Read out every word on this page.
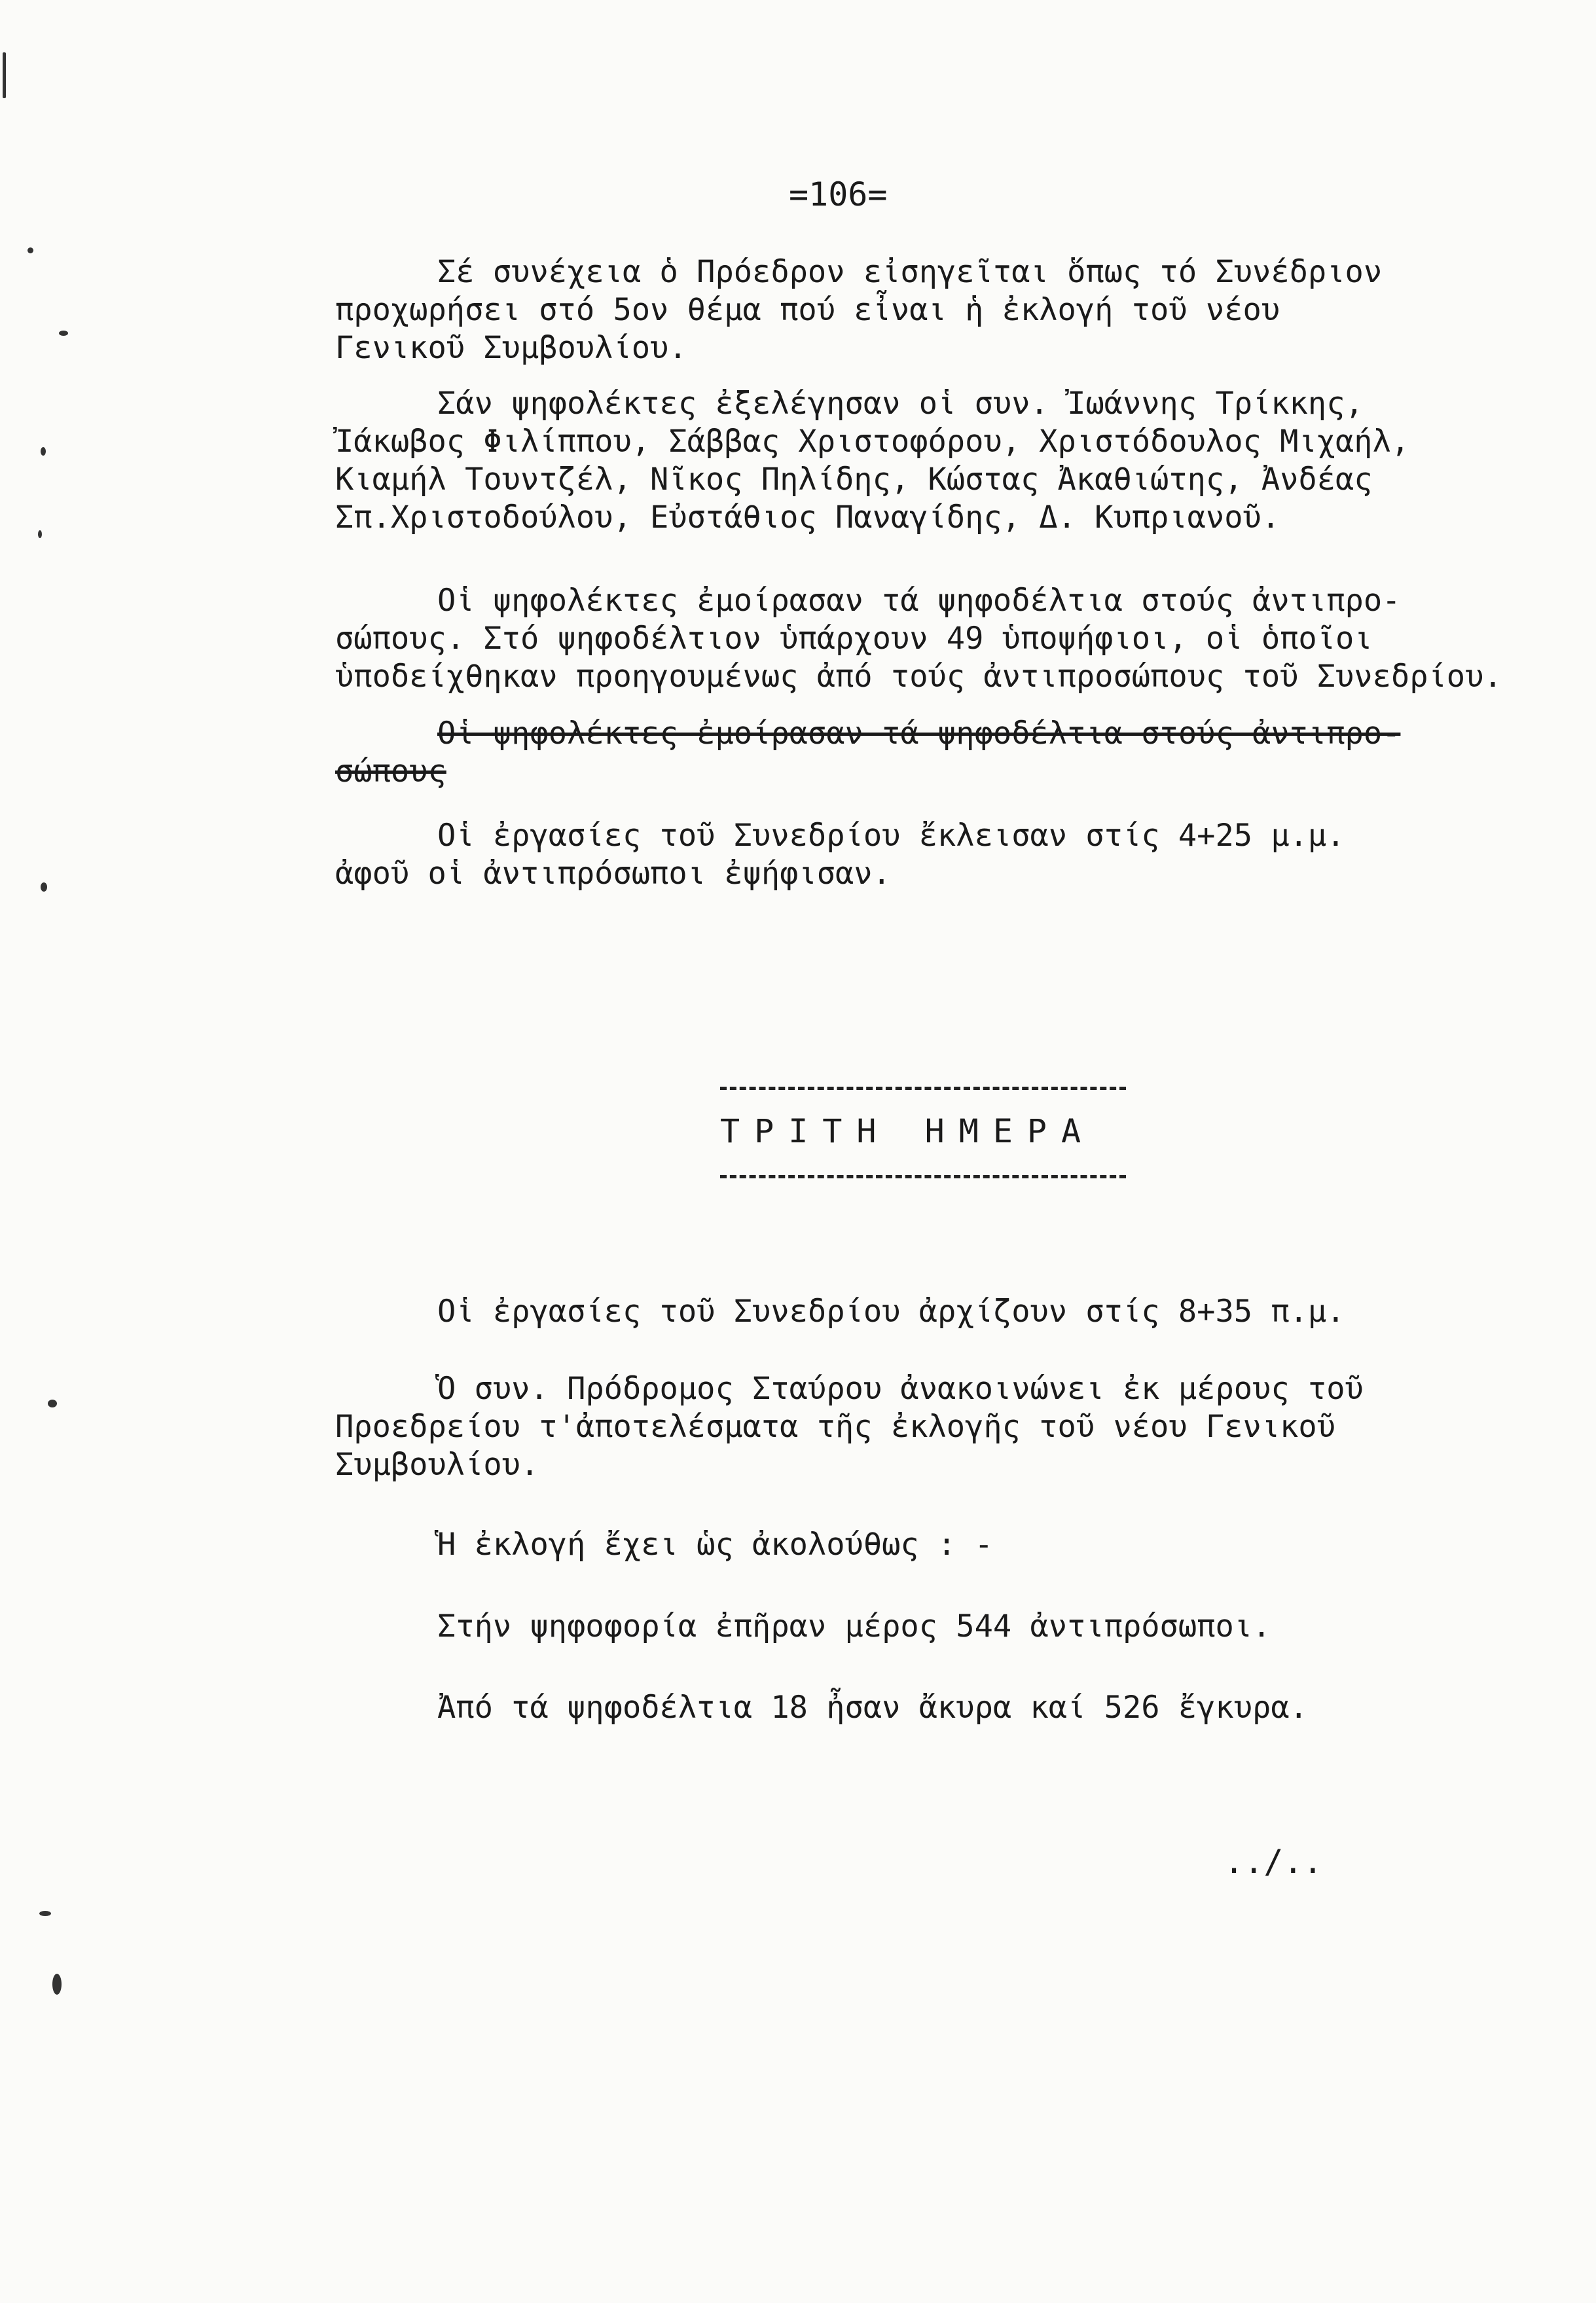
=106=
Σέ συνέχεια ὁ Πρόεδρον εἰσηγεῖται ὅπως τό Συνέδριον
προχωρήσει στό 5ον θέμα πού εἶναι ἡ ἐκλογή τοῦ νέου
Γενικοῦ Συμβουλίου.
Σάν ψηφολέκτες ἐξελέγησαν οἱ συν. Ἰωάννης Τρίκκης,
Ἰάκωβος Φιλίππου, Σάββας Χριστοφόρου, Χριστόδουλος Μιχαήλ,
Κιαμήλ Τουντζέλ, Νῖκος Πηλίδης, Κώστας Ἀκαθιώτης, Ἀνδέας
Σπ.Χριστοδούλου, Εὐστάθιος Παναγίδης, Δ. Κυπριανοῦ.
Οἱ ψηφολέκτες ἐμοίρασαν τά ψηφοδέλτια στούς ἀντιπρο-
σώπους. Στό ψηφοδέλτιον ὑπάρχουν 49 ὑποψήφιοι, οἱ ὁποῖοι
ὑποδείχθηκαν προηγουμένως ἀπό τούς ἀντιπροσώπους τοῦ Συνεδρίου.
Οἱ ψηφολέκτες ἐμοίρασαν τά ψηφοδέλτια στούς ἀντιπρο-
σώπους
Οἱ ἐργασίες τοῦ Συνεδρίου ἔκλεισαν στίς 4+25 μ.μ.
ἀφοῦ οἱ ἀντιπρόσωποι ἐψήφισαν.
ΤΡΙΤΗ ΗΜΕΡΑ
Οἱ ἐργασίες τοῦ Συνεδρίου ἀρχίζουν στίς 8+35 π.μ.
Ὁ συν. Πρόδρομος Σταύρου ἀνακοινώνει ἐκ μέρους τοῦ
Προεδρείου τ'ἀποτελέσματα τῆς ἐκλογῆς τοῦ νέου Γενικοῦ
Συμβουλίου.
Ἡ ἐκλογή ἔχει ὡς ἀκολούθως : -
Στήν ψηφοφορία ἐπῆραν μέρος 544 ἀντιπρόσωποι.
Ἀπό τά ψηφοδέλτια 18 ἦσαν ἄκυρα καί 526 ἔγκυρα.
../..
